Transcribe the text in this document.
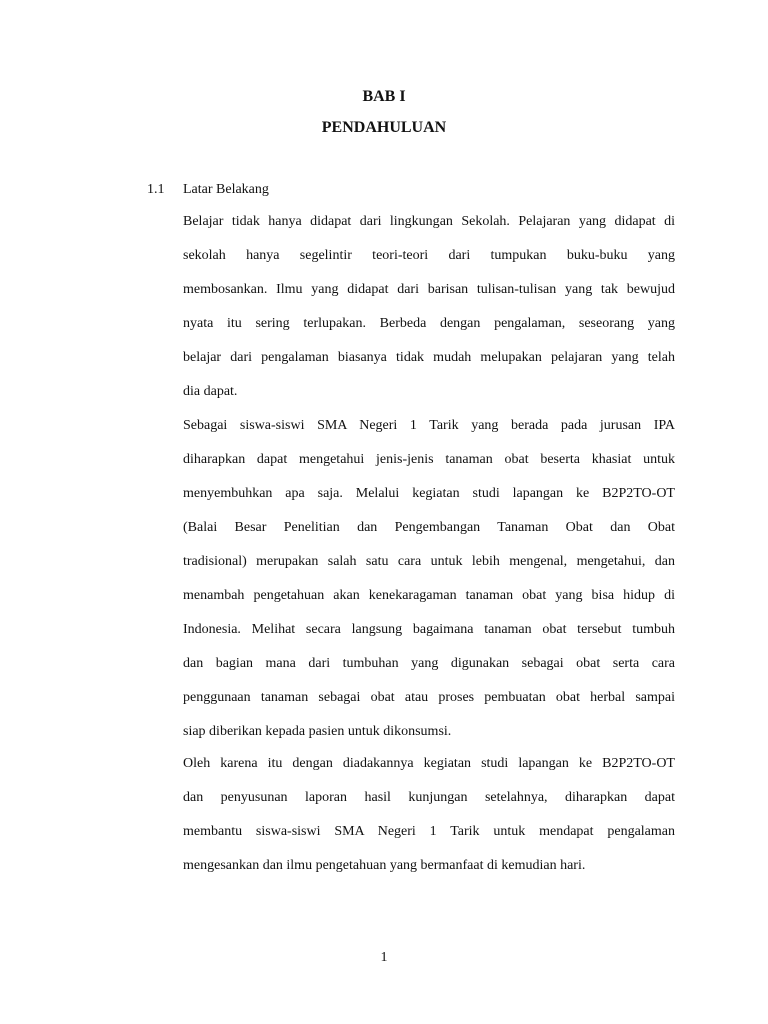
BAB I
PENDAHULUAN
1.1 Latar Belakang
Belajar tidak hanya didapat dari lingkungan Sekolah. Pelajaran yang didapat di
sekolah hanya segelintir teori-teori dari tumpukan buku-buku yang
membosankan. Ilmu yang didapat dari barisan tulisan-tulisan yang tak bewujud
nyata itu sering terlupakan. Berbeda dengan pengalaman, seseorang yang
belajar dari pengalaman biasanya tidak mudah melupakan pelajaran yang telah
dia dapat.
Sebagai siswa-siswi SMA Negeri 1 Tarik yang berada pada jurusan IPA
diharapkan dapat mengetahui jenis-jenis tanaman obat beserta khasiat untuk
menyembuhkan apa saja. Melalui kegiatan studi lapangan ke B2P2TO-OT
(Balai Besar Penelitian dan Pengembangan Tanaman Obat dan Obat
tradisional) merupakan salah satu cara untuk lebih mengenal, mengetahui, dan
menambah pengetahuan akan kenekaragaman tanaman obat yang bisa hidup di
Indonesia. Melihat secara langsung bagaimana tanaman obat tersebut tumbuh
dan bagian mana dari tumbuhan yang digunakan sebagai obat serta cara
penggunaan tanaman sebagai obat atau proses pembuatan obat herbal sampai
siap diberikan kepada pasien untuk dikonsumsi.
Oleh karena itu dengan diadakannya kegiatan studi lapangan ke B2P2TO-OT
dan penyusunan laporan hasil kunjungan setelahnya, diharapkan dapat
membantu siswa-siswi SMA Negeri 1 Tarik untuk mendapat pengalaman
mengesankan dan ilmu pengetahuan yang bermanfaat di kemudian hari.
1
